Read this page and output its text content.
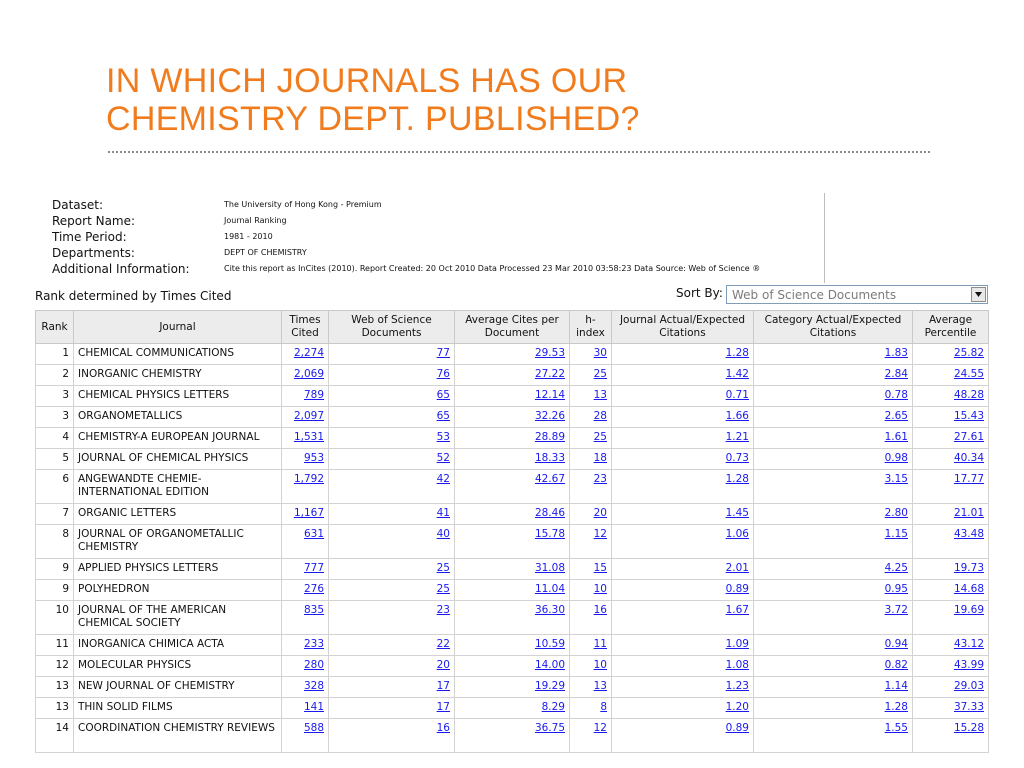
IN WHICH JOURNALS HAS OUR
CHEMISTRY DEPT. PUBLISHED?
Dataset:	The University of Hong Kong - Premium
Report Name:	Journal Ranking
Time Period:	1981 - 2010
Departments:	DEPT OF CHEMISTRY
Additional Information:	Cite this report as InCites (2010). Report Created: 20 Oct 2010 Data Processed 23 Mar 2010 03:58:23 Data Source: Web of Science ®
Rank determined by Times Cited	Sort By: Web of Science Documents
Rank	Journal	Times Cited	Web of Science Documents	Average Cites per Document	h-index	Journal Actual/Expected Citations	Category Actual/Expected Citations	Average Percentile
1	CHEMICAL COMMUNICATIONS	2,274	77	29.53	30	1.28	1.83	25.82
2	INORGANIC CHEMISTRY	2,069	76	27.22	25	1.42	2.84	24.55
3	CHEMICAL PHYSICS LETTERS	789	65	12.14	13	0.71	0.78	48.28
3	ORGANOMETALLICS	2,097	65	32.26	28	1.66	2.65	15.43
4	CHEMISTRY-A EUROPEAN JOURNAL	1,531	53	28.89	25	1.21	1.61	27.61
5	JOURNAL OF CHEMICAL PHYSICS	953	52	18.33	18	0.73	0.98	40.34
6	ANGEWANDTE CHEMIE-INTERNATIONAL EDITION	1,792	42	42.67	23	1.28	3.15	17.77
7	ORGANIC LETTERS	1,167	41	28.46	20	1.45	2.80	21.01
8	JOURNAL OF ORGANOMETALLIC CHEMISTRY	631	40	15.78	12	1.06	1.15	43.48
9	APPLIED PHYSICS LETTERS	777	25	31.08	15	2.01	4.25	19.73
9	POLYHEDRON	276	25	11.04	10	0.89	0.95	14.68
10	JOURNAL OF THE AMERICAN CHEMICAL SOCIETY	835	23	36.30	16	1.67	3.72	19.69
11	INORGANICA CHIMICA ACTA	233	22	10.59	11	1.09	0.94	43.12
12	MOLECULAR PHYSICS	280	20	14.00	10	1.08	0.82	43.99
13	NEW JOURNAL OF CHEMISTRY	328	17	19.29	13	1.23	1.14	29.03
13	THIN SOLID FILMS	141	17	8.29	8	1.20	1.28	37.33
14	COORDINATION CHEMISTRY REVIEWS	588	16	36.75	12	0.89	1.55	15.28
